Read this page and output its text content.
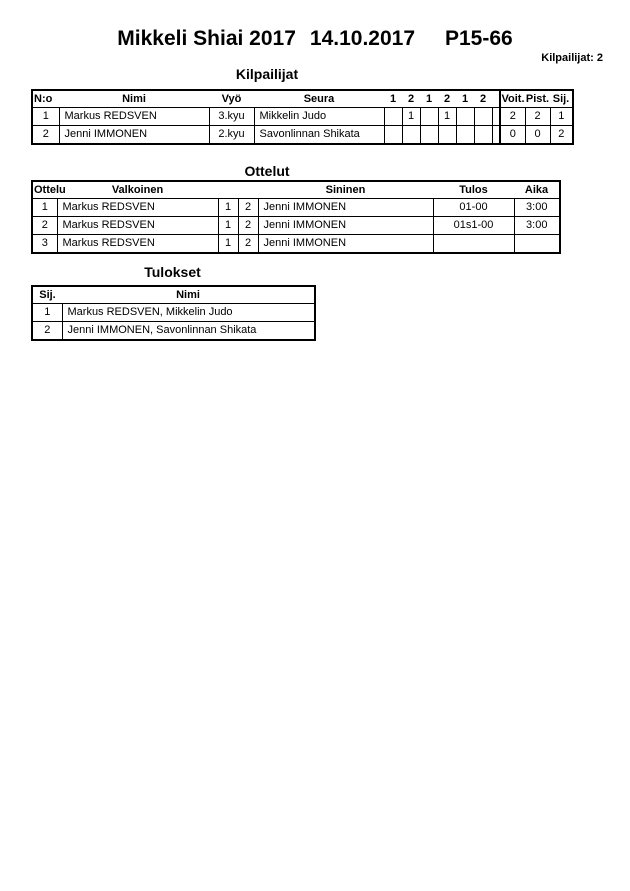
Mikkeli Shiai 2017 14.10.2017 P15-66
Kilpailijat: 2
Kilpailijat
N:o	Nimi	Vyö	Seura	1	2	1	2	1	2		Voit.	Pist.	Sij.
1	Markus REDSVEN	3.kyu	Mikkelin Judo		1		1				2	2	1
2	Jenni IMMONEN	2.kyu	Savonlinnan Shikata								0	0	2
Ottelut
Ottelu	Valkoinen			Sininen	Tulos	Aika
1	Markus REDSVEN	1	2	Jenni IMMONEN	01-00	3:00
2	Markus REDSVEN	1	2	Jenni IMMONEN	01s1-00	3:00
3	Markus REDSVEN	1	2	Jenni IMMONEN		
Tulokset
Sij.	Nimi
1	Markus REDSVEN, Mikkelin Judo
2	Jenni IMMONEN, Savonlinnan Shikata
